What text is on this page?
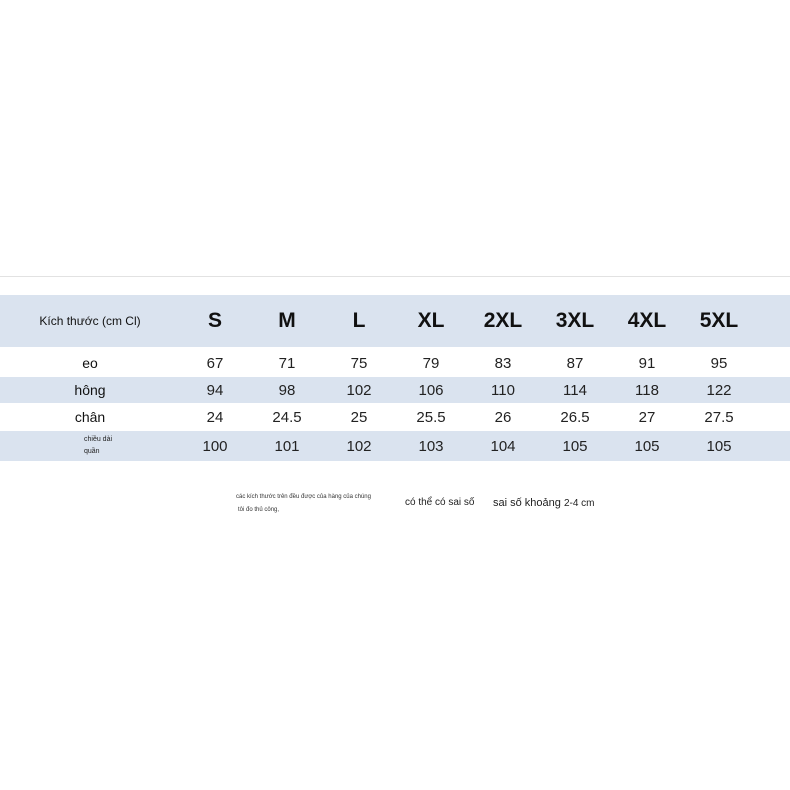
Kích thước (cm Cl)	S	M	L	XL	2XL	3XL	4XL	5XL
eo	67	71	75	79	83	87	91	95
hông	94	98	102	106	110	114	118	122
chân	24	24.5	25	25.5	26	26.5	27	27.5
chiều dài
quần	100	101	102	103	104	105	105	105
các kích thước trên đều được của hàng của chúng
tôi đo thủ công,
có thể có sai số sai số khoảng 2-4 cm
